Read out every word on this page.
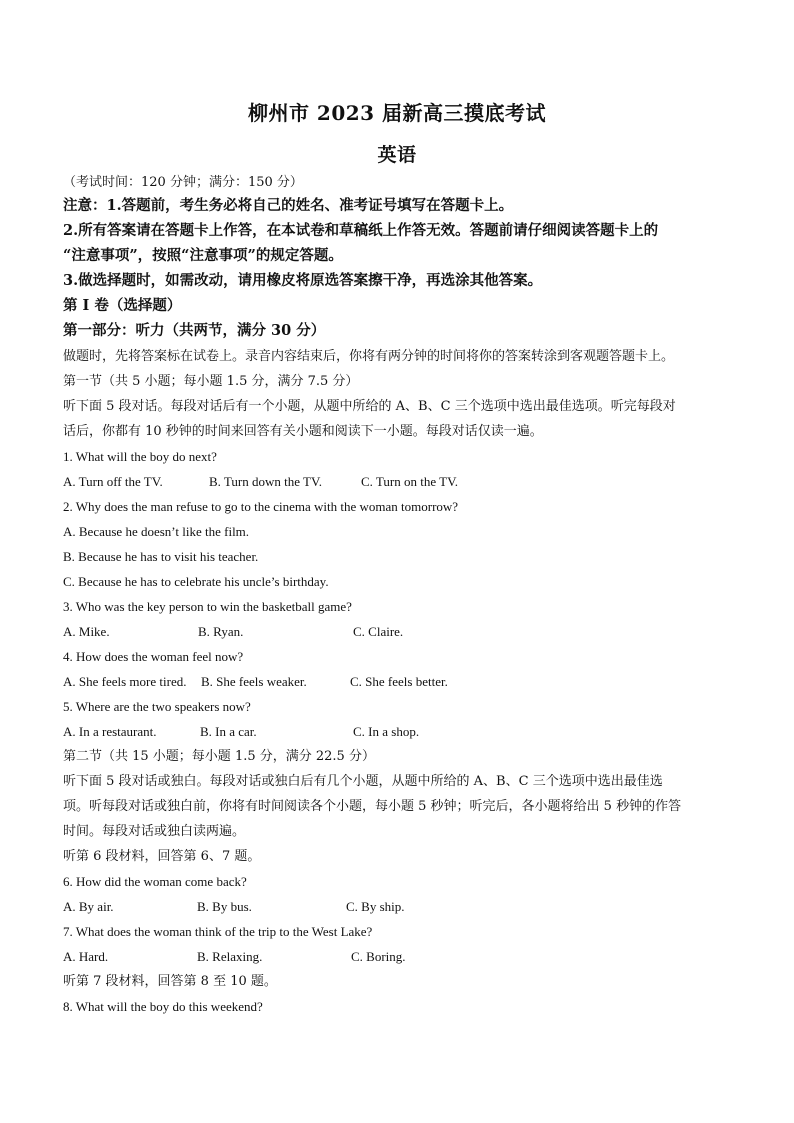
柳州市 2023 届新高三摸底考试
英语
（考试时间：120 分钟；满分：150 分）
注意：1.答题前，考生务必将自己的姓名、准考证号填写在答题卡上。
2.所有答案请在答题卡上作答，在本试卷和草稿纸上作答无效。答题前请仔细阅读答题卡上的
“注意事项”，按照“注意事项”的规定答题。
3.做选择题时，如需改动，请用橡皮将原选答案擦干净，再选涂其他答案。
第 I 卷（选择题）
第一部分：听力（共两节，满分 30 分）
做题时，先将答案标在试卷上。录音内容结束后，你将有两分钟的时间将你的答案转涂到客观题答题卡上。
第一节（共 5 小题；每小题 1.5 分，满分 7.5 分）
听下面 5 段对话。每段对话后有一个小题，从题中所给的 A、B、C 三个选项中选出最佳选项。听完每段对
话后，你都有 10 秒钟的时间来回答有关小题和阅读下一小题。每段对话仅读一遍。
1. What will the boy do next?
A. Turn off the TV.	B. Turn down the TV.	C. Turn on the TV.
2. Why does the man refuse to go to the cinema with the woman tomorrow?
A. Because he doesn’t like the film.
B. Because he has to visit his teacher.
C. Because he has to celebrate his uncle’s birthday.
3. Who was the key person to win the basketball game?
A. Mike.	B. Ryan.	C. Claire.
4. How does the woman feel now?
A. She feels more tired. B. She feels weaker.	C. She feels better.
5. Where are the two speakers now?
A. In a restaurant.	B. In a car.	C. In a shop.
第二节（共 15 小题；每小题 1.5 分，满分 22.5 分）
听下面 5 段对话或独白。每段对话或独白后有几个小题，从题中所给的 A、B、C 三个选项中选出最佳选
项。听每段对话或独白前，你将有时间阅读各个小题，每小题 5 秒钟；听完后，各小题将给出 5 秒钟的作答
时间。每段对话或独白读两遍。
听第 6 段材料，回答第 6、7 题。
6. How did the woman come back?
A. By air.	B. By bus.	C. By ship.
7. What does the woman think of the trip to the West Lake?
A. Hard.	B. Relaxing.	C. Boring.
听第 7 段材料，回答第 8 至 10 题。
8. What will the boy do this weekend?
